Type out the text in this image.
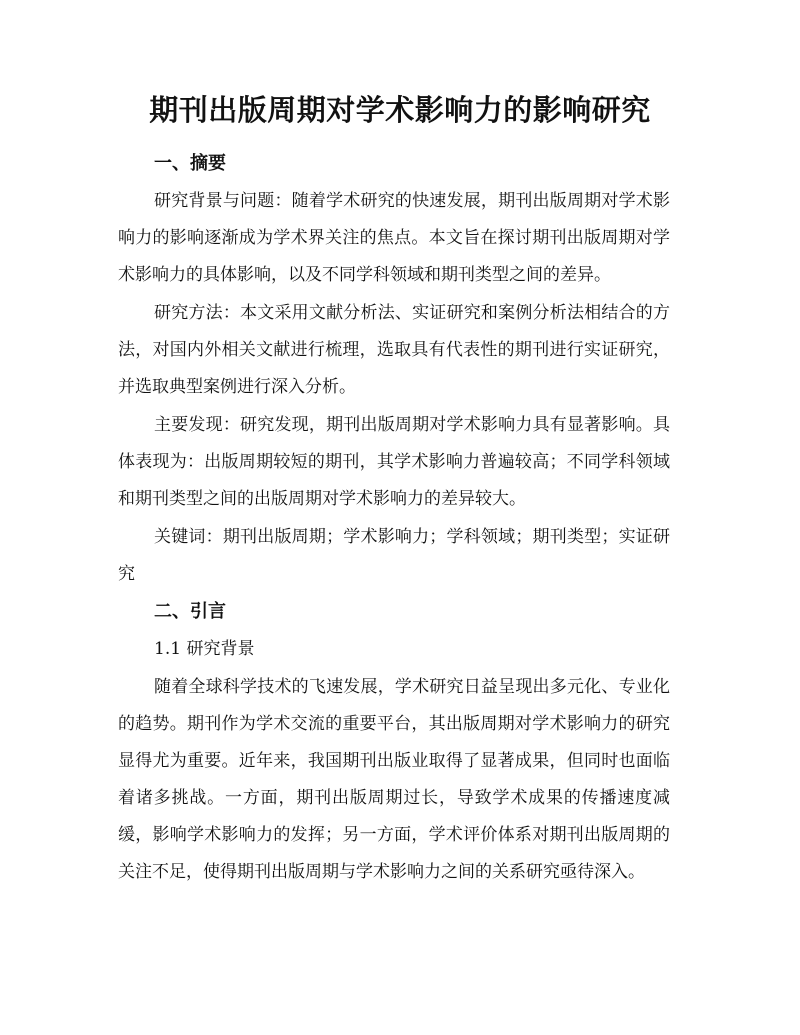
期刊出版周期对学术影响力的影响研究
一、摘要

研究背景与问题：随着学术研究的快速发展，期刊出版周期对学术影响力的影响逐渐成为学术界关注的焦点。本文旨在探讨期刊出版周期对学术影响力的具体影响，以及不同学科领域和期刊类型之间的差异。

研究方法：本文采用文献分析法、实证研究和案例分析法相结合的方法，对国内外相关文献进行梳理，选取具有代表性的期刊进行实证研究，并选取典型案例进行深入分析。

主要发现：研究发现，期刊出版周期对学术影响力具有显著影响。具体表现为：出版周期较短的期刊，其学术影响力普遍较高；不同学科领域和期刊类型之间的出版周期对学术影响力的差异较大。

关键词：期刊出版周期；学术影响力；学科领域；期刊类型；实证研究

二、引言
1.1 研究背景

随着全球科学技术的飞速发展，学术研究日益呈现出多元化、专业化的趋势。期刊作为学术交流的重要平台，其出版周期对学术影响力的研究显得尤为重要。近年来，我国期刊出版业取得了显著成果，但同时也面临着诸多挑战。一方面，期刊出版周期过长，导致学术成果的传播速度减缓，影响学术影响力的发挥；另一方面，学术评价体系对期刊出版周期的关注不足，使得期刊出版周期与学术影响力之间的关系研究亟待深入。
